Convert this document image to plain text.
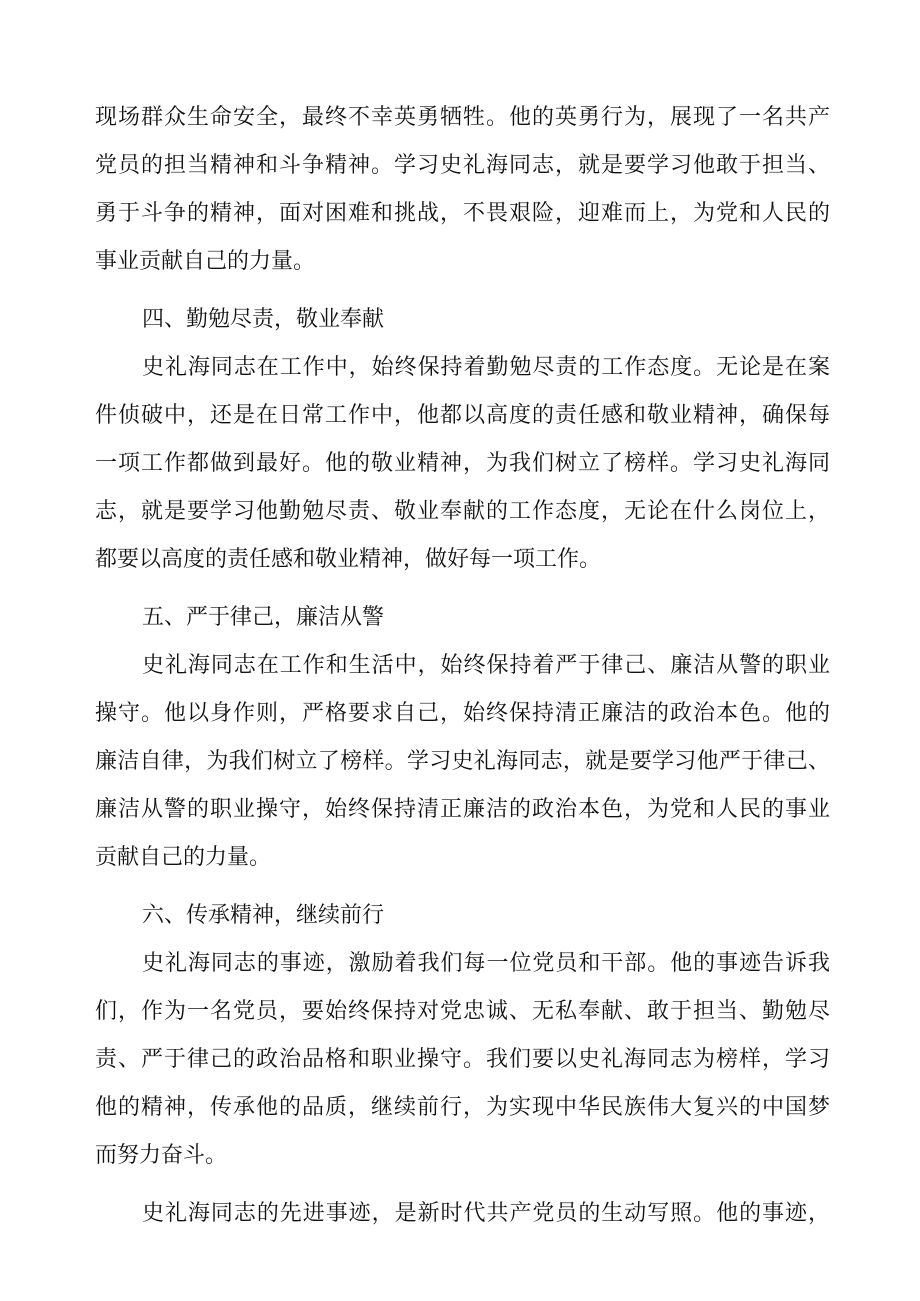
现场群众生命安全，最终不幸英勇牺牲。他的英勇行为，展现了一名共产
党员的担当精神和斗争精神。学习史礼海同志，就是要学习他敢于担当、
勇于斗争的精神，面对困难和挑战，不畏艰险，迎难而上，为党和人民的
事业贡献自己的力量。
四、勤勉尽责，敬业奉献
史礼海同志在工作中，始终保持着勤勉尽责的工作态度。无论是在案
件侦破中，还是在日常工作中，他都以高度的责任感和敬业精神，确保每
一项工作都做到最好。他的敬业精神，为我们树立了榜样。学习史礼海同
志，就是要学习他勤勉尽责、敬业奉献的工作态度，无论在什么岗位上，
都要以高度的责任感和敬业精神，做好每一项工作。
五、严于律己，廉洁从警
史礼海同志在工作和生活中，始终保持着严于律己、廉洁从警的职业
操守。他以身作则，严格要求自己，始终保持清正廉洁的政治本色。他的
廉洁自律，为我们树立了榜样。学习史礼海同志，就是要学习他严于律己、
廉洁从警的职业操守，始终保持清正廉洁的政治本色，为党和人民的事业
贡献自己的力量。
六、传承精神，继续前行
史礼海同志的事迹，激励着我们每一位党员和干部。他的事迹告诉我
们，作为一名党员，要始终保持对党忠诚、无私奉献、敢于担当、勤勉尽
责、严于律己的政治品格和职业操守。我们要以史礼海同志为榜样，学习
他的精神，传承他的品质，继续前行，为实现中华民族伟大复兴的中国梦
而努力奋斗。
史礼海同志的先进事迹，是新时代共产党员的生动写照。他的事迹，
